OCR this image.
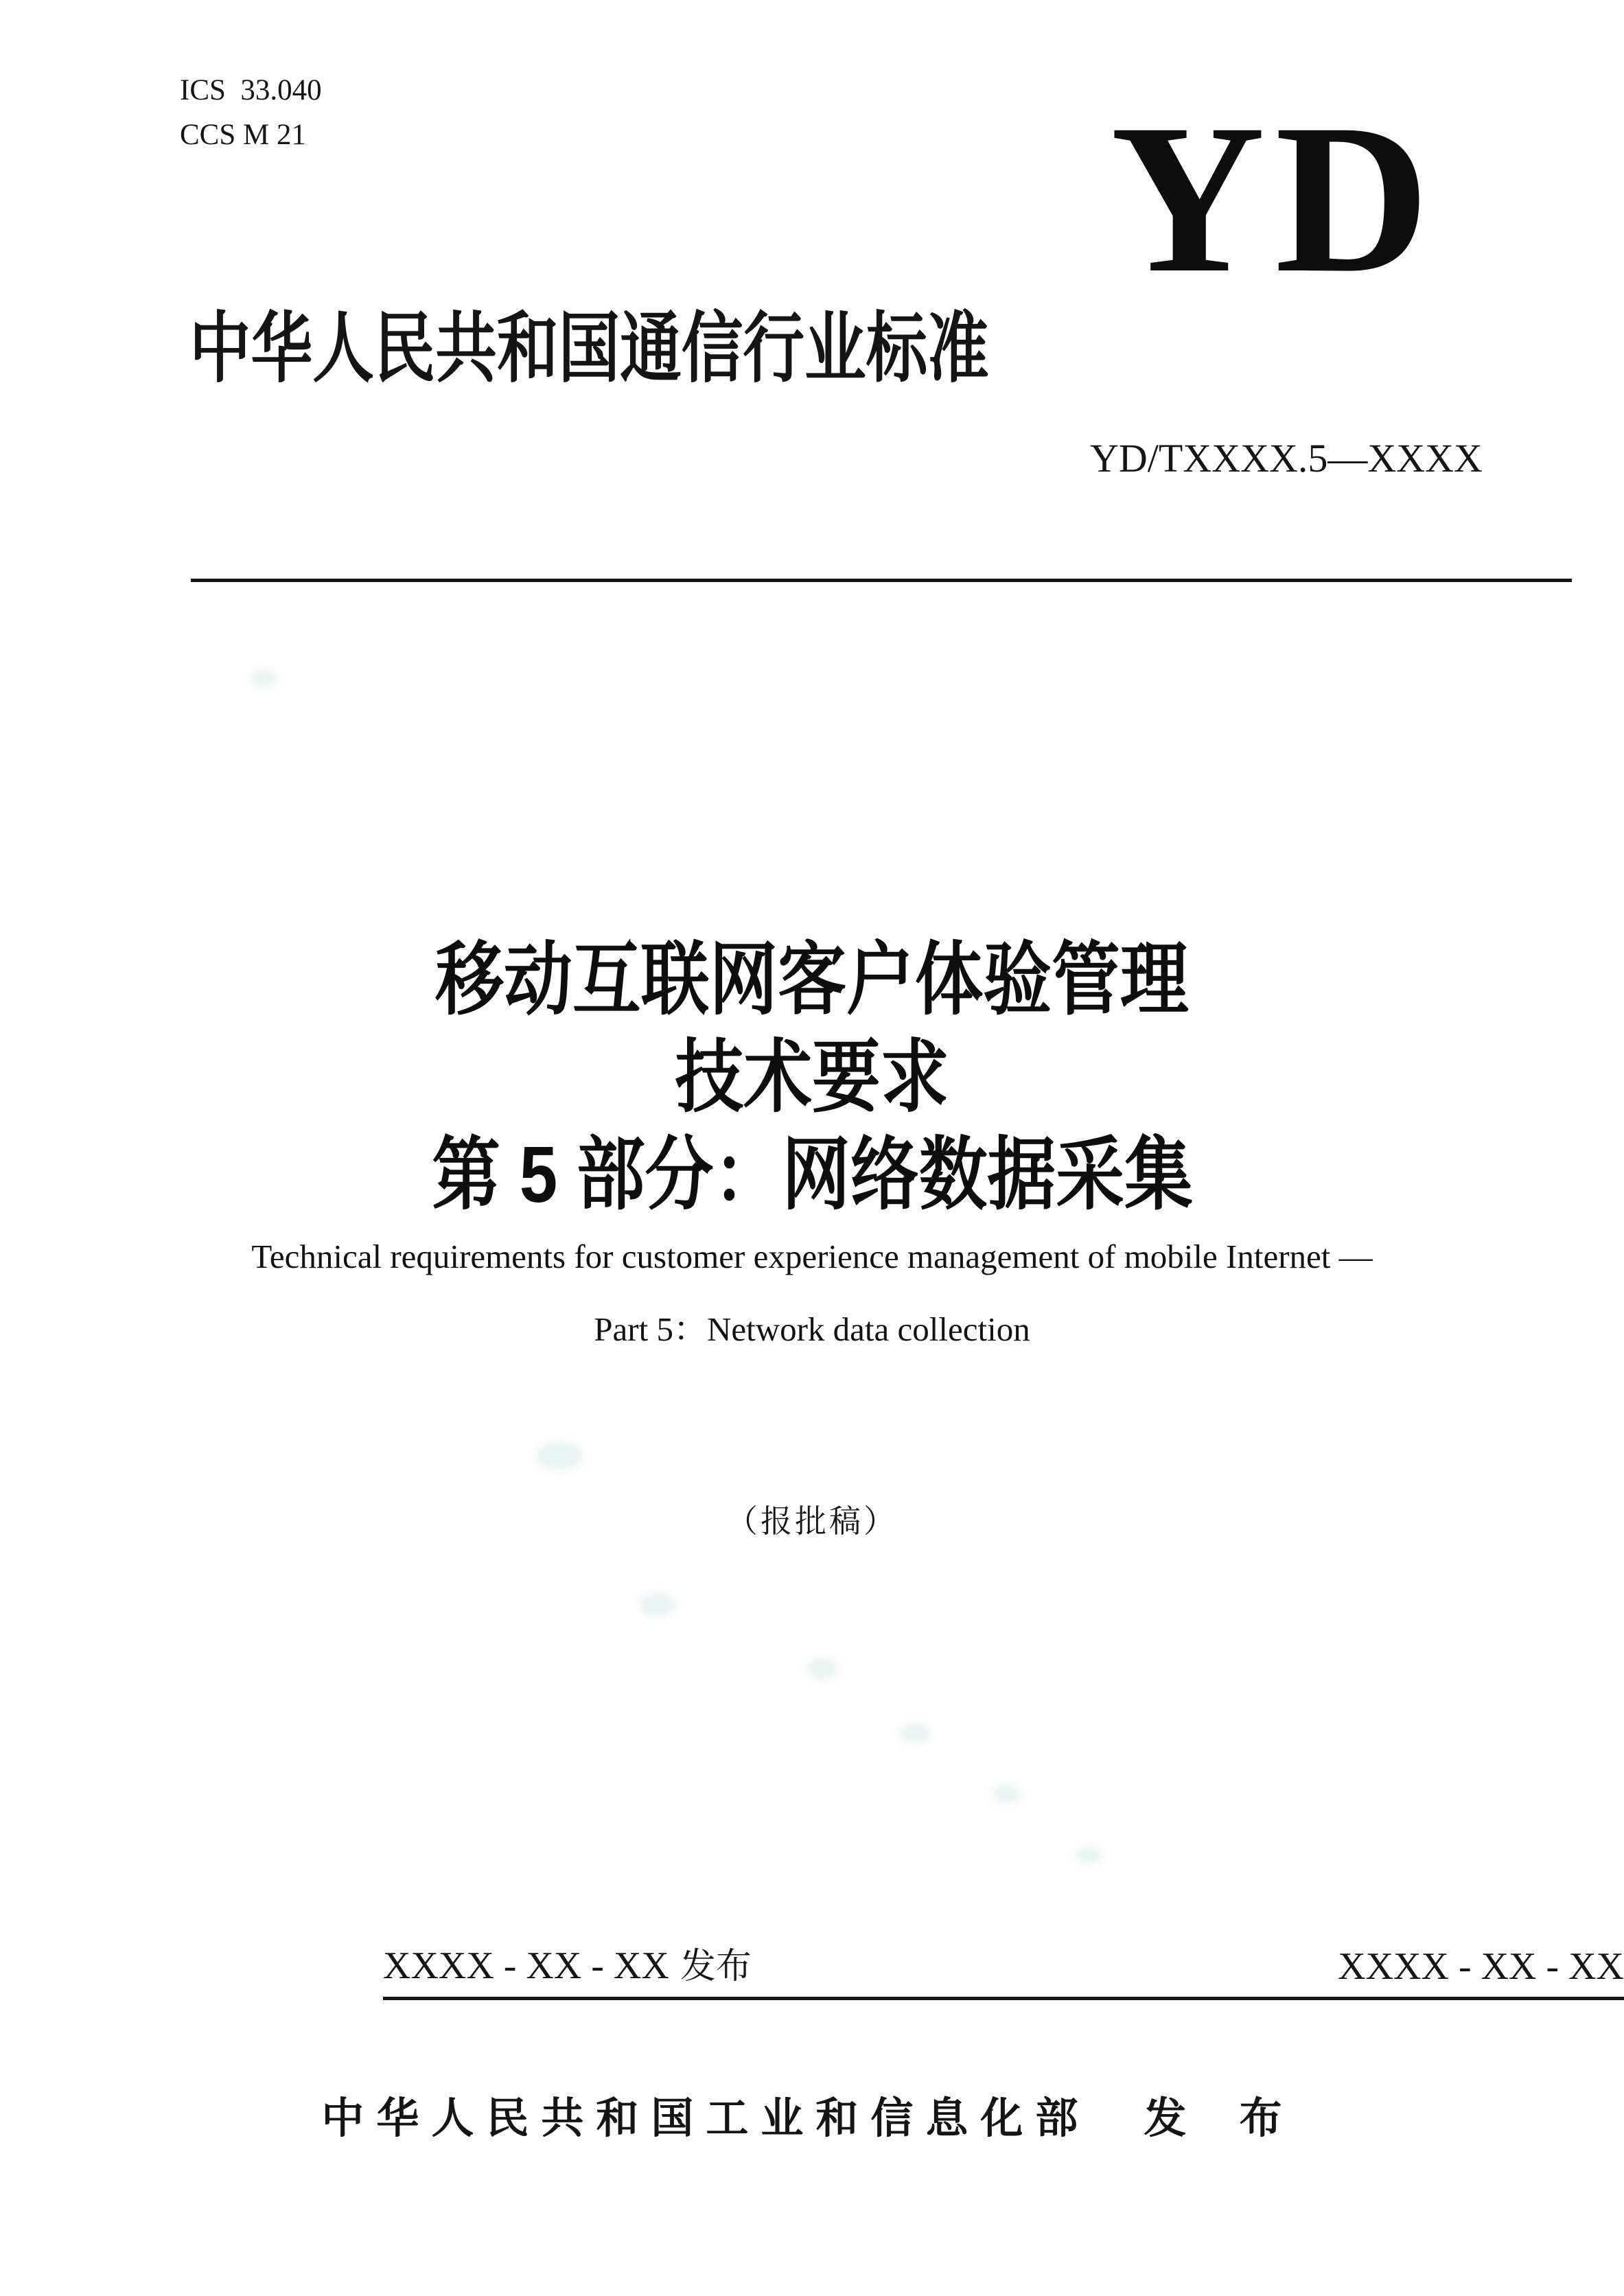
ICS  33.040
CCS M 21	YD
中华人民共和国通信行业标准
YD/TXXXX.5—XXXX
移动互联网客户体验管理
技术要求
第 5 部分：网络数据采集
Technical requirements for customer experience management of mobile Internet —
Part 5：Network data collection
（报批稿）
XXXX - XX - XX 发布	XXXX - XX - XX
中华人民共和国工业和信息化部 发 布
